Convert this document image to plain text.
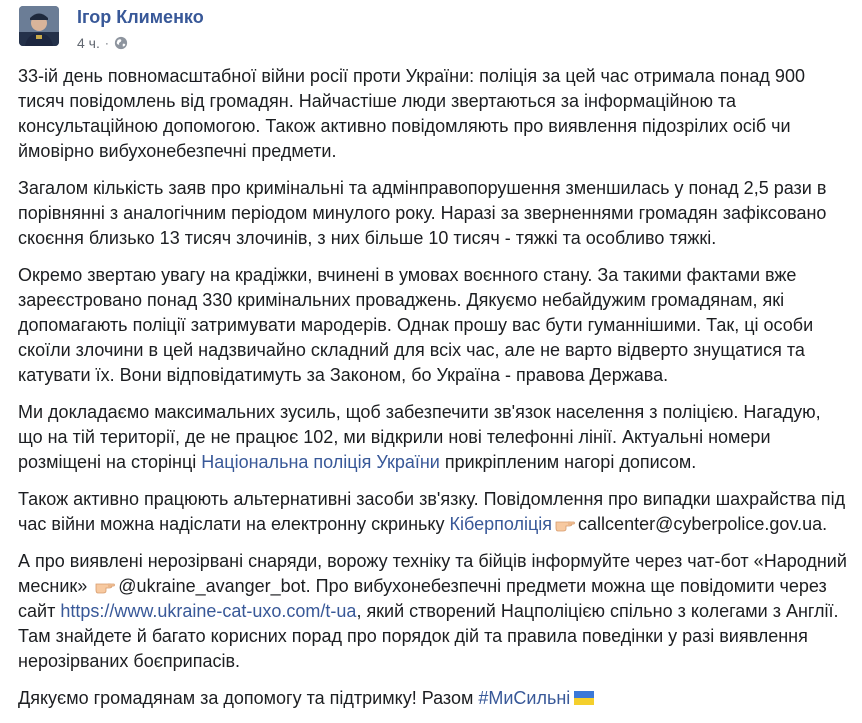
Ігор Клименко
4 ч. ·

33-ій день повномасштабної війни росії проти України: поліція за цей час отримала понад 900 тисяч повідомлень від громадян. Найчастіше люди звертаються за інформаційною та консультаційною допомогою. Також активно повідомляють про виявлення підозрілих осіб чи ймовірно вибухонебезпечні предмети.

Загалом кількість заяв про кримінальні та адмінправопорушення зменшилась у понад 2,5 рази в порівнянні з аналогічним періодом минулого року. Наразі за зверненнями громадян зафіксовано скоєння близько 13 тисяч злочинів, з них більше 10 тисяч - тяжкі та особливо тяжкі.

Окремо звертаю увагу на крадіжки, вчинені в умовах воєнного стану. За такими фактами вже зареєстровано понад 330 кримінальних проваджень. Дякуємо небайдужим громадянам, які допомагають поліції затримувати мародерів. Однак прошу вас бути гуманнішими. Так, ці особи скоїли злочини в цей надзвичайно складний для всіх час, але не варто відверто знущатися та катувати їх. Вони відповідатимуть за Законом, бо Україна - правова Держава.

Ми докладаємо максимальних зусиль, щоб забезпечити зв'язок населення з поліцією. Нагадую, що на тій території, де не працює 102, ми відкрили нові телефонні лінії. Актуальні номери розміщені на сторінці Національна поліція України прикріпленим нагорі дописом.

Також активно працюють альтернативні засоби зв'язку. Повідомлення про випадки шахрайства під час війни можна надіслати на електронну скриньку Кіберполіція callcenter@cyberpolice.gov.ua.

А про виявлені нерозірвані снаряди, ворожу техніку та бійців інформуйте через чат-бот «Народний месник» @ukraine_avanger_bot. Про вибухонебезпечні предмети можна ще повідомити через сайт https://www.ukraine-cat-uxo.com/t-ua, який створений Нацполіцією спільно з колегами з Англії. Там знайдете й багато корисних порад про порядок дій та правила поведінки у разі виявлення нерозірваних боєприпасів.

Дякуємо громадянам за допомогу та підтримку! Разом #МиСильні
